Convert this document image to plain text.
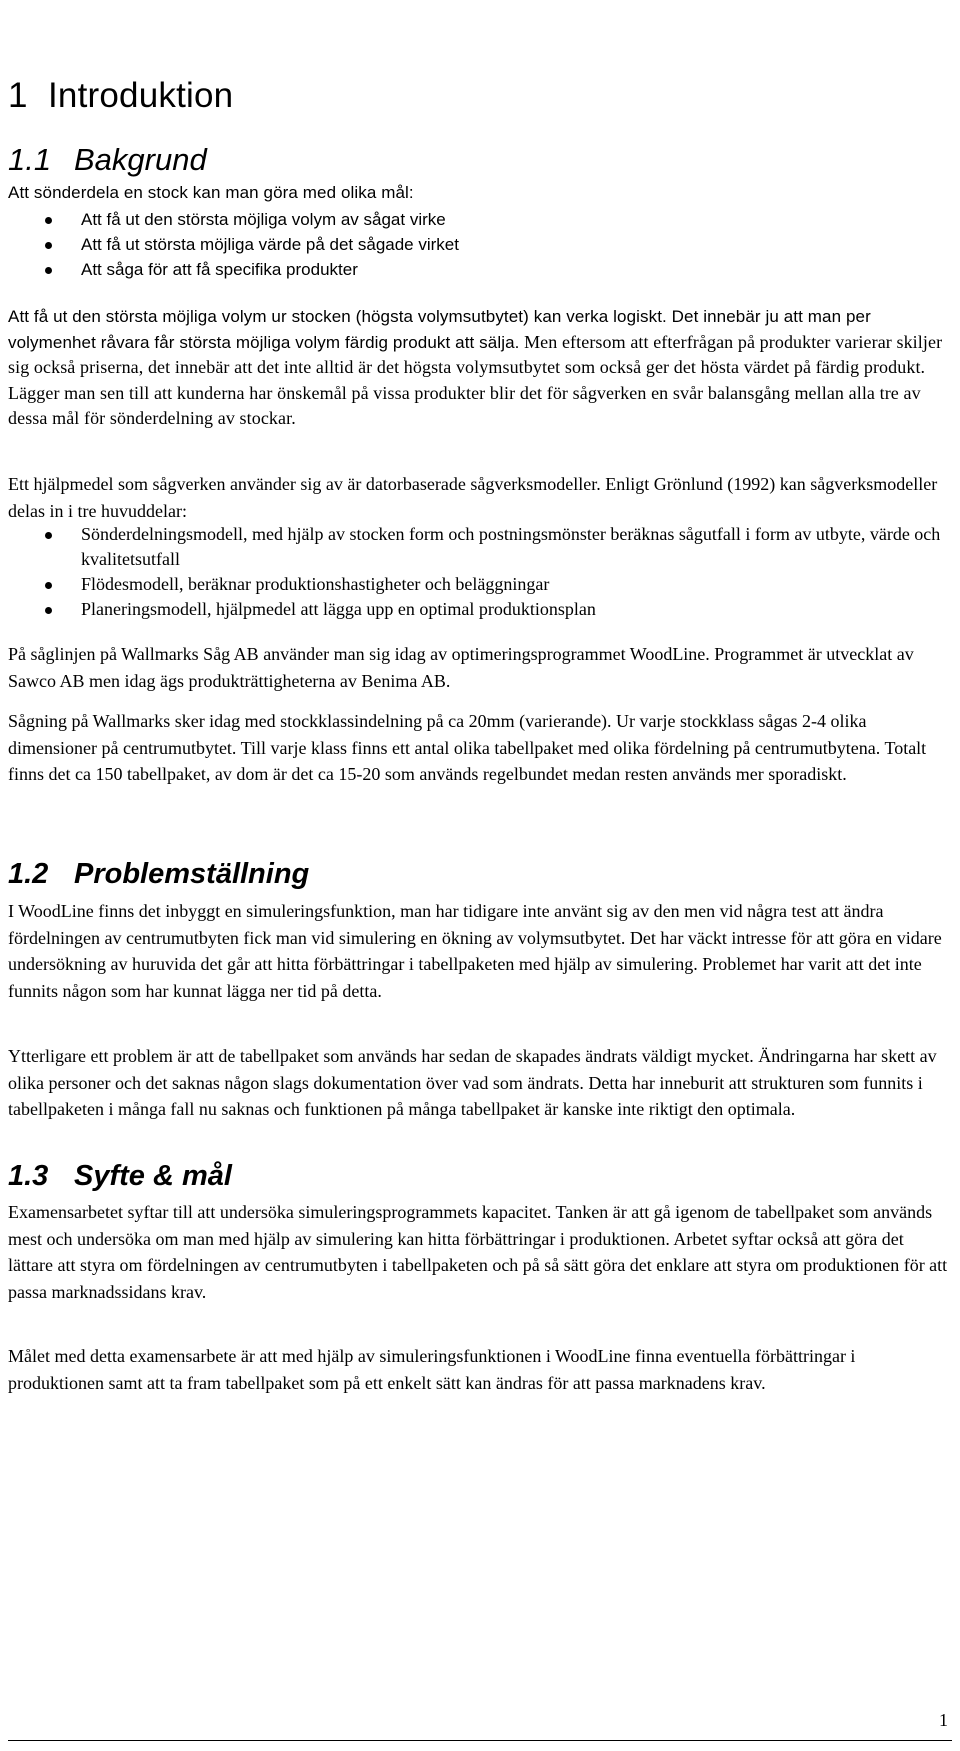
1 Introduktion
1.1 Bakgrund

Att sönderdela en stock kan man göra med olika mål:

Att få ut den största möjliga volym av sågat virke
Att få ut största möjliga värde på det sågade virket
Att såga för att få specifika produkter

Att få ut den största möjliga volym ur stocken (högsta volymsutbytet) kan verka logiskt. Det innebär ju att man per volymenhet råvara får största möjliga volym färdig produkt att sälja. Men eftersom att efterfrågan på produkter varierar skiljer sig också priserna, det innebär att det inte alltid är det högsta volymsutbytet som också ger det hösta värdet på färdig produkt. Lägger man sen till att kunderna har önskemål på vissa produkter blir det för sågverken en svår balansgång mellan alla tre av dessa mål för sönderdelning av stockar.

Ett hjälpmedel som sågverken använder sig av är datorbaserade sågverksmodeller. Enligt Grönlund (1992) kan sågverksmodeller delas in i tre huvuddelar:

Sönderdelningsmodell, med hjälp av stocken form och postningsmönster beräknas sågutfall i form av utbyte, värde och kvalitetsutfall
Flödesmodell, beräknar produktionshastigheter och beläggningar
Planeringsmodell, hjälpmedel att lägga upp en optimal produktionsplan

På såglinjen på Wallmarks Såg AB använder man sig idag av optimeringsprogrammet WoodLine. Programmet är utvecklat av Sawco AB men idag ägs produkträttigheterna av Benima AB.

Sågning på Wallmarks sker idag med stockklassindelning på ca 20mm (varierande). Ur varje stockklass sågas 2-4 olika dimensioner på centrumutbytet. Till varje klass finns ett antal olika tabellpaket med olika fördelning på centrumutbytena. Totalt finns det ca 150 tabellpaket, av dom är det ca 15-20 som används regelbundet medan resten används mer sporadiskt.

1.2 Problemställning

I WoodLine finns det inbyggt en simuleringsfunktion, man har tidigare inte använt sig av den men vid några test att ändra fördelningen av centrumutbyten fick man vid simulering en ökning av volymsutbytet. Det har väckt intresse för att göra en vidare undersökning av huruvida det går att hitta förbättringar i tabellpaketen med hjälp av simulering. Problemet har varit att det inte funnits någon som har kunnat lägga ner tid på detta.

Ytterligare ett problem är att de tabellpaket som används har sedan de skapades ändrats väldigt mycket. Ändringarna har skett av olika personer och det saknas någon slags dokumentation över vad som ändrats. Detta har inneburit att strukturen som funnits i tabellpaketen i många fall nu saknas och funktionen på många tabellpaket är kanske inte riktigt den optimala.

1.3 Syfte & mål

Examensarbetet syftar till att undersöka simuleringsprogrammets kapacitet. Tanken är att gå igenom de tabellpaket som används mest och undersöka om man med hjälp av simulering kan hitta förbättringar i produktionen. Arbetet syftar också att göra det lättare att styra om fördelningen av centrumutbyten i tabellpaketen och på så sätt göra det enklare att styra om produktionen för att passa marknadssidans krav.

Målet med detta examensarbete är att med hjälp av simuleringsfunktionen i WoodLine finna eventuella förbättringar i produktionen samt att ta fram tabellpaket som på ett enkelt sätt kan ändras för att passa marknadens krav.

1
